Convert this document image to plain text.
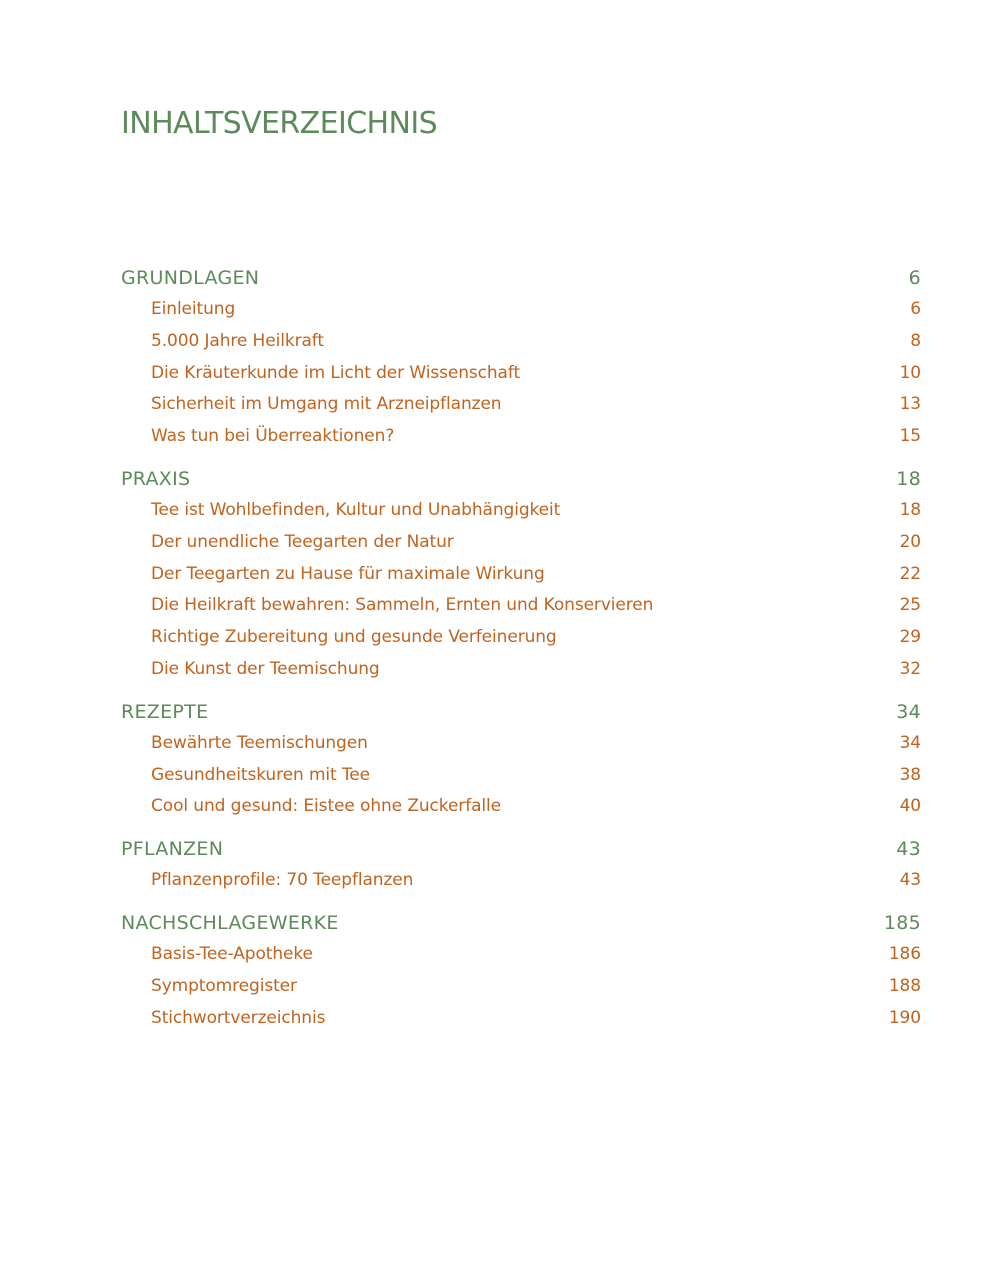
INHALTSVERZEICHNIS
GRUNDLAGEN	6
Einleitung	6
5.000 Jahre Heilkraft	8
Die Kräuterkunde im Licht der Wissenschaft	10
Sicherheit im Umgang mit Arzneipflanzen	13
Was tun bei Überreaktionen?	15
PRAXIS	18
Tee ist Wohlbefinden, Kultur und Unabhängigkeit	18
Der unendliche Teegarten der Natur	20
Der Teegarten zu Hause für maximale Wirkung	22
Die Heilkraft bewahren: Sammeln, Ernten und Konservieren	25
Richtige Zubereitung und gesunde Verfeinerung	29
Die Kunst der Teemischung	32
REZEPTE	34
Bewährte Teemischungen	34
Gesundheitskuren mit Tee	38
Cool und gesund: Eistee ohne Zuckerfalle	40
PFLANZEN	43
Pflanzenprofile: 70 Teepflanzen	43
NACHSCHLAGEWERKE	185
Basis-Tee-Apotheke	186
Symptomregister	188
Stichwortverzeichnis	190
